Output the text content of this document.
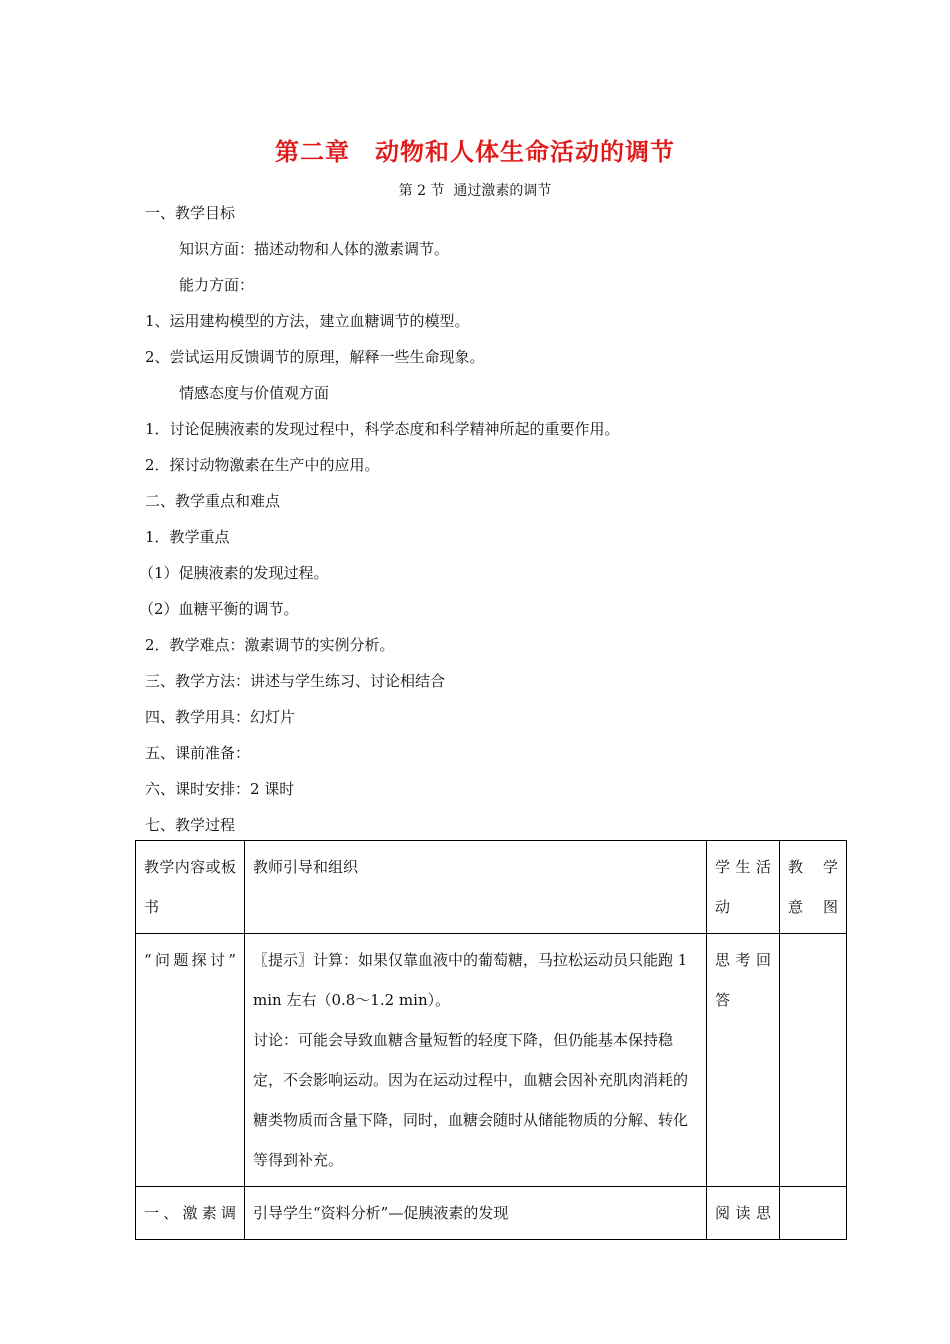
第二章　动物和人体生命活动的调节
第 2 节  通过激素的调节
一、教学目标
知识方面：描述动物和人体的激素调节。
能力方面：
1、运用建构模型的方法，建立血糖调节的模型。
2、尝试运用反馈调节的原理，解释一些生命现象。
情感态度与价值观方面
1．讨论促胰液素的发现过程中，科学态度和科学精神所起的重要作用。
2．探讨动物激素在生产中的应用。
二、教学重点和难点
1．教学重点
（1）促胰液素的发现过程。
（2）血糖平衡的调节。
2．教学难点：激素调节的实例分析。
三、教学方法：讲述与学生练习、讨论相结合
四、教学用具：幻灯片
五、课前准备：
六、课时安排：2 课时
七、教学过程
教学内容或板书	教师引导和组织	学生活动	教　学意图
“问题探讨”	〖提示〗计算：如果仅靠血液中的葡萄糖，马拉松运动员只能跑 1 min 左右（0.8～1.2 min）。
讨论：可能会导致血糖含量短暂的轻度下降，但仍能基本保持稳定，不会影响运动。因为在运动过程中，血糖会因补充肌肉消耗的糖类物质而含量下降，同时，血糖会随时从储能物质的分解、转化等得到补充。	思考回答	
一、激素调	引导学生“资料分析”—促胰液素的发现	阅读思	
